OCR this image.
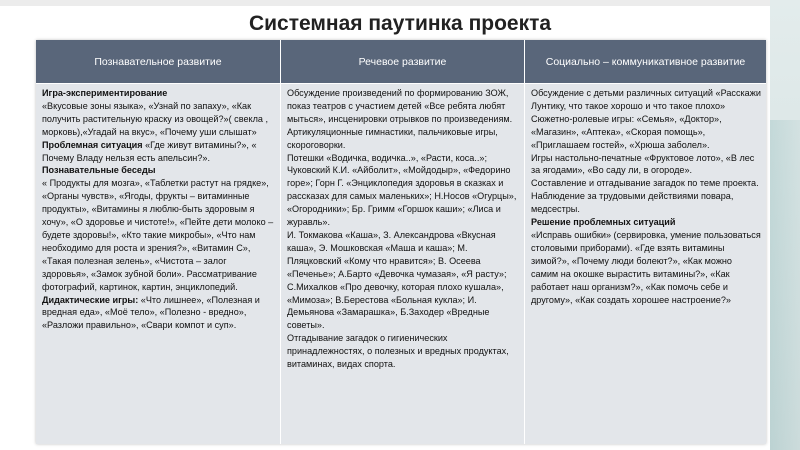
Системная паутинка проекта
Познавательное развитие	Речевое развитие	Социально – коммуникативное развитие

Игра-экспериментирование

«Вкусовые зоны языка», «Узнай по запаху», «Как получить растительную краску из овощей?»( свекла , морковь),«Угадай на вкус», «Почему уши слышат»

Проблемная ситуация «Где живут витамины?», « Почему Владу нельзя есть апельсин?».

Познавательные беседы

« Продукты для мозга», «Таблетки растут на грядке», «Органы чувств», «Ягоды, фрукты – витаминные продукты», «Витамины я люблю-быть здоровым я хочу», «О здоровье и чистоте!», «Пейте дети молоко – будете здоровы!», «Кто такие микробы», «Что нам необходимо для роста и зрения?», «Витамин С», «Такая полезная зелень», «Чистота – залог здоровья», «Замок зубной боли». Рассматривание фотографий, картинок, картин, энциклопедий.

Дидактические игры: «Что лишнее», «Полезная и вредная еда», «Моё тело», «Полезно - вредно», «Разложи правильно», «Свари компот и суп».

Обсуждение произведений по формированию ЗОЖ, показ театров с участием детей «Все ребята любят мыться», инсценировки отрывков по произведениям. Артикуляционные гимнастики, пальчиковые игры, скороговорки.

Потешки «Водичка, водичка..», «Расти, коса..»; Чуковский К.И. «Айболит», «Мойдодыр», «Федорино горе»; Горн Г. «Энциклопедия здоровья в сказках и рассказах для самых маленьких»; Н.Носов «Огурцы», «Огородники»; Бр. Гримм «Горшок каши»; «Лиса и журавль».

И. Токмакова «Каша», З. Александрова «Вкусная каша», Э. Мошковская «Маша и каша»; М. Пляцковский «Кому что нравится»; В. Осеева «Печенье»; А.Барто «Девочка чумазая», «Я расту»; С.Михалков «Про девочку, которая плохо кушала», «Мимоза»; В.Берестова «Больная кукла»; И. Демьянова «Замарашка», Б.Заходер «Вредные советы».

Отгадывание загадок о гигиенических принадлежностях, о полезных и вредных продуктах, витаминах, видах спорта.

Обсуждение с детьми различных ситуаций «Расскажи Лунтику, что такое хорошо и что такое плохо»

Сюжетно-ролевые игры: «Семья», «Доктор», «Магазин», «Аптека», «Скорая помощь», «Приглашаем гостей», «Хрюша заболел».

Игры настольно-печатные «Фруктовое лото», «В лес за ягодами», «Во саду ли, в огороде».

Составление и отгадывание загадок по теме проекта.

Наблюдение за трудовыми действиями повара, медсестры.

Решение проблемных ситуаций

«Исправь ошибки» (сервировка, умение пользоваться столовыми приборами). «Где взять витамины зимой?», «Почему люди болеют?», «Как можно самим на окошке вырастить витамины?», «Как работает наш организм?», «Как помочь себе и другому», «Как создать хорошее настроение?»
